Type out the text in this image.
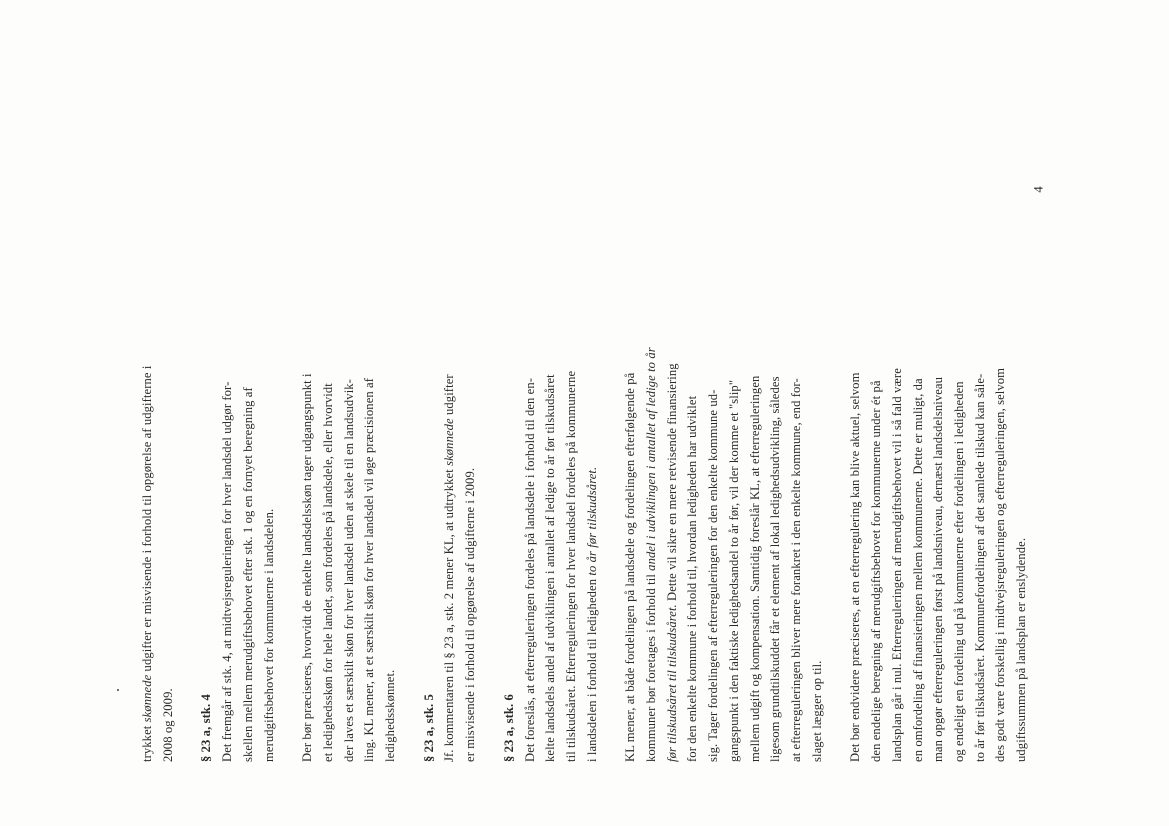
trykket skønnede udgifter er misvisende i forhold til opgørelse af udgifterne i
2008 og 2009. § 23 a, stk. 4 Det fremgår af stk. 4, at midtvejsreguleringen for hver landsdel udgør for-
skellen mellem merudgiftsbehovet efter stk. 1 og en fornyet beregning af
merudgiftsbehovet for kommunerne i landsdelen.
Der bør præciseres, hvorvidt de enkelte landsdelsskøn tager udgangspunkt i
et ledighedsskøn for hele landet, som fordeles på landsdele, eller hvorvidt
der laves et særskilt skøn for hver landsdel uden at skele til en landsudvik-
ling. KL mener, at et særskilt skøn for hver landsdel vil øge præcisionen af
ledighedsskønnet. § 23 a, stk. 5 Jf. kommentaren til § 23 a, stk. 2 mener KL, at udtrykket skønnede udgifter
er misvisende i forhold til opgørelse af udgifterne i 2009.
§ 23 a, stk. 6 Det foreslås, at efterreguleringen fordeles på landsdele i forhold til den en-
kelte landsdels andel af udviklingen i antallet af ledige to år før tilskudsåret
til tilskudsåret. Efterreguleringen for hver landsdel fordeles på kommunerne
i landsdelen i forhold til ledigheden to år før tilskudsåret.
KL mener, at både fordelingen på landsdele og fordelingen efterfølgende på
kommuner bør foretages i forhold til andel i udviklingen i antallet af ledige to år
før tilskudsåret til tilskudsåret. Dette vil sikre en mere retvisende finansiering
for den enkelte kommune i forhold til, hvordan ledigheden har udviklet
sig. Tager fordelingen af efterreguleringen for den enkelte kommune ud-
gangspunkt i den faktiske ledighedsandel to år før, vil der komme et "slip"
mellem udgift og kompensation. Samtidig foreslår KL, at efterreguleringen
ligesom grundtilskuddet får et element af lokal ledighedsudvikling, således
at efterreguleringen bliver mere forankret i den enkelte kommune, end for-
slaget lægger op til.
Det bør endvidere præciseres, at en efterregulering kan blive aktuel, selvom
den endelige beregning af merudgiftsbehovet for kommunerne under ét på
landsplan går i nul. Efterreguleringen af merudgiftsbehovet vil i så fald være
en omfordeling af finansieringen mellem kommunerne. Dette er muligt, da
man opgør efterreguleringen først på landsniveau, dernæst landsdelsniveau
og endeligt en fordeling ud på kommunerne efter fordelingen i ledigheden
to år før tilskudsåret. Kommunefordelingen af det samlede tilskud kan såle-
des godt være forskellig i midtvejsreguleringen og efterreguleringen, selvom
udgiftssummen på landsplan er enslydende.
4
